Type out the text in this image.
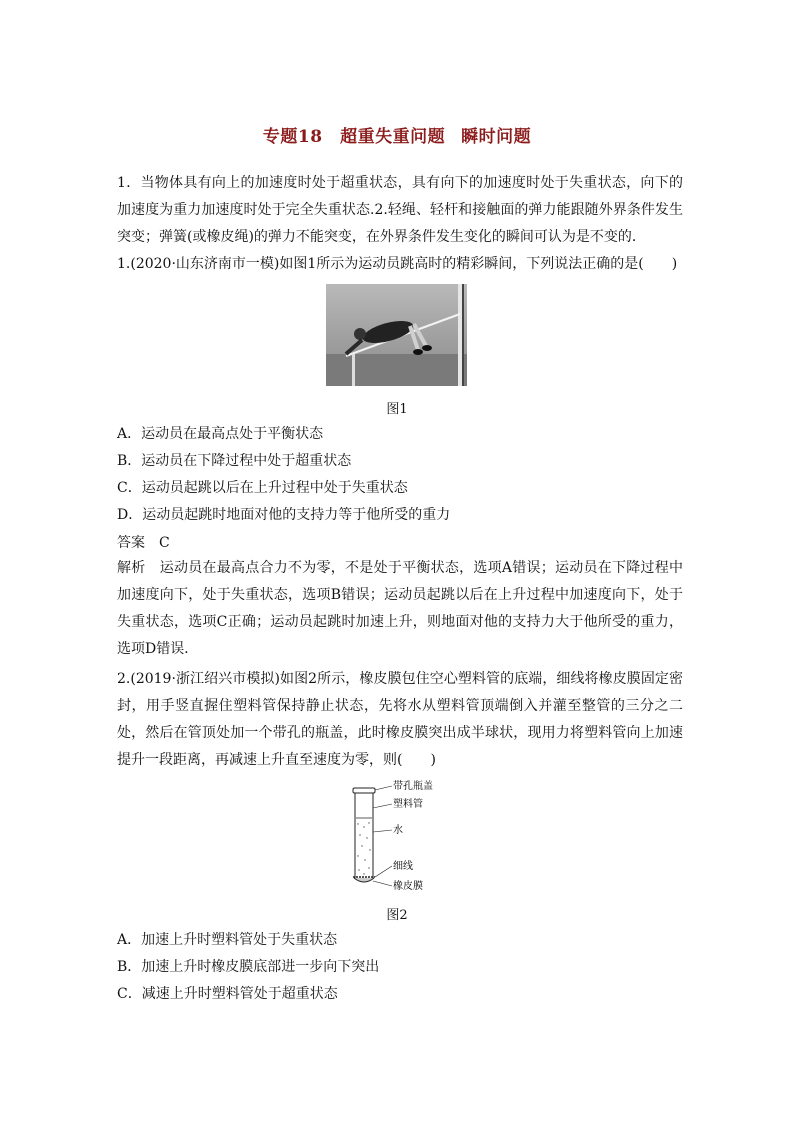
专题18　超重失重问题 瞬时问题
1．当物体具有向上的加速度时处于超重状态，具有向下的加速度时处于失重状态，向下的加速度为重力加速度时处于完全失重状态.2.轻绳、轻杆和接触面的弹力能跟随外界条件发生突变；弹簧(或橡皮绳)的弹力不能突变，在外界条件发生变化的瞬间可认为是不变的．
1.(2020·山东济南市一模)如图1所示为运动员跳高时的精彩瞬间，下列说法正确的是(　　)
图1
A．运动员在最高点处于平衡状态
B．运动员在下降过程中处于超重状态
C．运动员起跳以后在上升过程中处于失重状态
D．运动员起跳时地面对他的支持力等于他所受的重力
答案　C
解析　运动员在最高点合力不为零，不是处于平衡状态，选项A错误；运动员在下降过程中加速度向下，处于失重状态，选项B错误；运动员起跳以后在上升过程中加速度向下，处于失重状态，选项C正确；运动员起跳时加速上升，则地面对他的支持力大于他所受的重力，选项D错误．
2.(2019·浙江绍兴市模拟)如图2所示，橡皮膜包住空心塑料管的底端，细线将橡皮膜固定密封，用手竖直握住塑料管保持静止状态，先将水从塑料管顶端倒入并灌至整管的三分之二处，然后在管顶处加一个带孔的瓶盖，此时橡皮膜突出成半球状，现用力将塑料管向上加速提升一段距离，再减速上升直至速度为零，则(　　)
带孔瓶盖
塑料管
水
细线
橡皮膜
图2
A．加速上升时塑料管处于失重状态
B．加速上升时橡皮膜底部进一步向下突出
C．减速上升时塑料管处于超重状态
